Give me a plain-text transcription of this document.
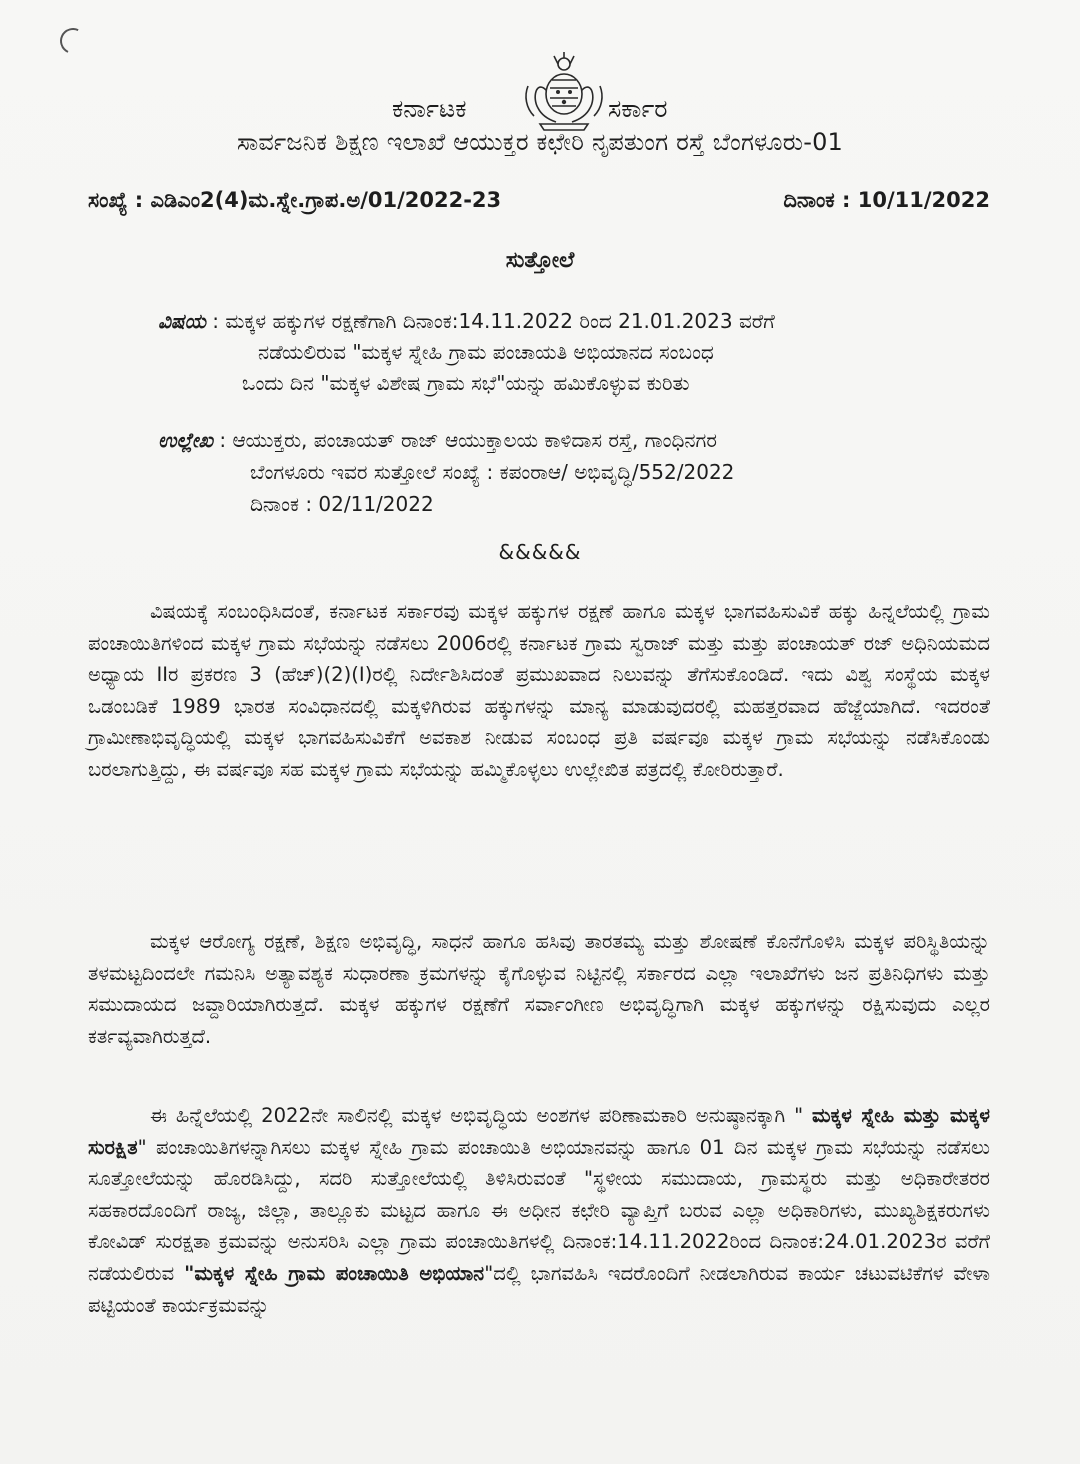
ಕರ್ನಾಟಕ	ಸರ್ಕಾರ
ಸಾರ್ವಜನಿಕ ಶಿಕ್ಷಣ ಇಲಾಖೆ ಆಯುಕ್ತರ ಕಛೇರಿ ನೃಪತುಂಗ ರಸ್ತೆ ಬೆಂಗಳೂರು-01
ಸಂಖ್ಯೆ : ಎಡಿಎಂ2(4)ಮ.ಸ್ನೇ.ಗ್ರಾಪ.ಅ/01/2022-23	ದಿನಾಂಕ : 10/11/2022
ಸುತ್ತೋಲೆ
ವಿಷಯ : ಮಕ್ಕಳ ಹಕ್ಕುಗಳ ರಕ್ಷಣೆಗಾಗಿ ದಿನಾಂಕ:14.11.2022 ರಿಂದ 21.01.2023 ವರೆಗೆ
ನಡೆಯಲಿರುವ "ಮಕ್ಕಳ ಸ್ನೇಹಿ ಗ್ರಾಮ ಪಂಚಾಯತಿ ಅಭಿಯಾನದ ಸಂಬಂಧ
ಒಂದು ದಿನ "ಮಕ್ಕಳ ವಿಶೇಷ ಗ್ರಾಮ ಸಭೆ"ಯನ್ನು ಹಮಿಕೊಳ್ಳುವ ಕುರಿತು
ಉಲ್ಲೇಖ : ಆಯುಕ್ತರು, ಪಂಚಾಯತ್ ರಾಜ್ ಆಯುಕ್ತಾಲಯ ಕಾಳಿದಾಸ ರಸ್ತೆ, ಗಾಂಧಿನಗರ
ಬೆಂಗಳೂರು ಇವರ ಸುತ್ತೋಲೆ ಸಂಖ್ಯೆ : ಕಪಂರಾಆ/ ಅಭಿವೃದ್ಧಿ/552/2022
ದಿನಾಂಕ : 02/11/2022
&&&&&
ವಿಷಯಕ್ಕೆ ಸಂಬಂಧಿಸಿದಂತೆ, ಕರ್ನಾಟಕ ಸರ್ಕಾರವು ಮಕ್ಕಳ ಹಕ್ಕುಗಳ ರಕ್ಷಣೆ ಹಾಗೂ ಮಕ್ಕಳ ಭಾಗವಹಿಸುವಿಕೆ ಹಕ್ಕು ಹಿನ್ನಲೆಯಲ್ಲಿ ಗ್ರಾಮ ಪಂಚಾಯಿತಿಗಳಿಂದ ಮಕ್ಕಳ ಗ್ರಾಮ ಸಭೆಯನ್ನು ನಡೆಸಲು 2006ರಲ್ಲಿ ಕರ್ನಾಟಕ ಗ್ರಾಮ ಸ್ವರಾಜ್ ಮತ್ತು ಮತ್ತು ಪಂಚಾಯತ್ ರಜ್ ಅಧಿನಿಯಮದ ಅಧ್ಯಾಯ IIರ ಪ್ರಕರಣ 3 (ಹೆಚ್)(2)(I)ರಲ್ಲಿ ನಿರ್ದೇಶಿಸಿದಂತೆ ಪ್ರಮುಖವಾದ ನಿಲುವನ್ನು ತೆಗೆಸುಕೊಂಡಿದೆ. ಇದು ವಿಶ್ವ ಸಂಸ್ಥೆಯ ಮಕ್ಕಳ ಒಡಂಬಡಿಕೆ 1989 ಭಾರತ ಸಂವಿಧಾನದಲ್ಲಿ ಮಕ್ಕಳಿಗಿರುವ ಹಕ್ಕುಗಳನ್ನು ಮಾನ್ಯ ಮಾಡುವುದರಲ್ಲಿ ಮಹತ್ತರವಾದ ಹೆಜ್ಜೆಯಾಗಿದೆ. ಇದರಂತೆ ಗ್ರಾಮೀಣಾಭಿವೃದ್ಧಿಯಲ್ಲಿ ಮಕ್ಕಳ ಭಾಗವಹಿಸುವಿಕೆಗೆ ಅವಕಾಶ ನೀಡುವ ಸಂಬಂಧ ಪ್ರತಿ ವರ್ಷವೂ ಮಕ್ಕಳ ಗ್ರಾಮ ಸಭೆಯನ್ನು ನಡೆಸಿಕೊಂಡು ಬರಲಾಗುತ್ತಿದ್ದು, ಈ ವರ್ಷವೂ ಸಹ ಮಕ್ಕಳ ಗ್ರಾಮ ಸಭೆಯನ್ನು ಹಮ್ಮಿಕೊಳ್ಳಲು ಉಲ್ಲೇಖಿತ ಪತ್ರದಲ್ಲಿ ಕೋರಿರುತ್ತಾರೆ.
ಮಕ್ಕಳ ಆರೋಗ್ಯ ರಕ್ಷಣೆ, ಶಿಕ್ಷಣ ಅಭಿವೃದ್ಧಿ, ಸಾಧನೆ ಹಾಗೂ ಹಸಿವು ತಾರತಮ್ಯ ಮತ್ತು ಶೋಷಣೆ ಕೊನೆಗೊಳಿಸಿ ಮಕ್ಕಳ ಪರಿಸ್ಥಿತಿಯನ್ನು ತಳಮಟ್ಟದಿಂದಲೇ ಗಮನಿಸಿ ಅತ್ಯಾವಶ್ಯಕ ಸುಧಾರಣಾ ಕ್ರಮಗಳನ್ನು ಕೈಗೊಳ್ಳುವ ನಿಟ್ಟಿನಲ್ಲಿ ಸರ್ಕಾರದ ಎಲ್ಲಾ ಇಲಾಖೆಗಳು ಜನ ಪ್ರತಿನಿಧಿಗಳು ಮತ್ತು ಸಮುದಾಯದ ಜವ್ದಾರಿಯಾಗಿರುತ್ತದೆ. ಮಕ್ಕಳ ಹಕ್ಕುಗಳ ರಕ್ಷಣೆಗೆ ಸರ್ವಾಂಗೀಣ ಅಭಿವೃದ್ಧಿಗಾಗಿ ಮಕ್ಕಳ ಹಕ್ಕುಗಳನ್ನು ರಕ್ಷಿಸುವುದು ಎಲ್ಲರ ಕರ್ತವ್ಯವಾಗಿರುತ್ತದೆ.
ಈ ಹಿನ್ನೆಲೆಯಲ್ಲಿ 2022ನೇ ಸಾಲಿನಲ್ಲಿ ಮಕ್ಕಳ ಅಭಿವೃದ್ಧಿಯ ಅಂಶಗಳ ಪರಿಣಾಮಕಾರಿ ಅನುಷ್ಠಾನಕ್ಕಾಗಿ " ಮಕ್ಕಳ ಸ್ನೇಹಿ ಮತ್ತು ಮಕ್ಕಳ ಸುರಕ್ಷಿತ" ಪಂಚಾಯಿತಿಗಳನ್ನಾಗಿಸಲು ಮಕ್ಕಳ ಸ್ನೇಹಿ ಗ್ರಾಮ ಪಂಚಾಯಿತಿ ಅಭಿಯಾನವನ್ನು ಹಾಗೂ 01 ದಿನ ಮಕ್ಕಳ ಗ್ರಾಮ ಸಭೆಯನ್ನು ನಡೆಸಲು ಸೂತ್ತೋಲೆಯನ್ನು ಹೊರಡಿಸಿದ್ದು, ಸದರಿ ಸುತ್ತೋಲೆಯಲ್ಲಿ ತಿಳಿಸಿರುವಂತೆ "ಸ್ಥಳೀಯ ಸಮುದಾಯ, ಗ್ರಾಮಸ್ಥರು ಮತ್ತು ಅಧಿಕಾರೇತರರ ಸಹಕಾರದೊಂದಿಗೆ ರಾಜ್ಯ, ಜಿಲ್ಲಾ, ತಾಲ್ಲೂಕು ಮಟ್ಟದ ಹಾಗೂ ಈ ಅಧೀನ ಕಛೇರಿ ವ್ಯಾಪ್ತಿಗೆ ಬರುವ ಎಲ್ಲಾ ಅಧಿಕಾರಿಗಳು, ಮುಖ್ಯಶಿಕ್ಷಕರುಗಳು ಕೋವಿಡ್ ಸುರಕ್ಷತಾ ಕ್ರಮವನ್ನು ಅನುಸರಿಸಿ ಎಲ್ಲಾ ಗ್ರಾಮ ಪಂಚಾಯಿತಿಗಳಲ್ಲಿ ದಿನಾಂಕ:14.11.2022ರಿಂದ ದಿನಾಂಕ:24.01.2023ರ ವರೆಗೆ ನಡೆಯಲಿರುವ "ಮಕ್ಕಳ ಸ್ನೇಹಿ ಗ್ರಾಮ ಪಂಚಾಯಿತಿ ಅಭಿಯಾನ"ದಲ್ಲಿ ಭಾಗವಹಿಸಿ ಇದರೊಂದಿಗೆ ನೀಡಲಾಗಿರುವ ಕಾರ್ಯ ಚಟುವಟಿಕೆಗಳ ವೇಳಾ ಪಟ್ಟಿಯಂತೆ ಕಾರ್ಯಕ್ರಮವನ್ನು
